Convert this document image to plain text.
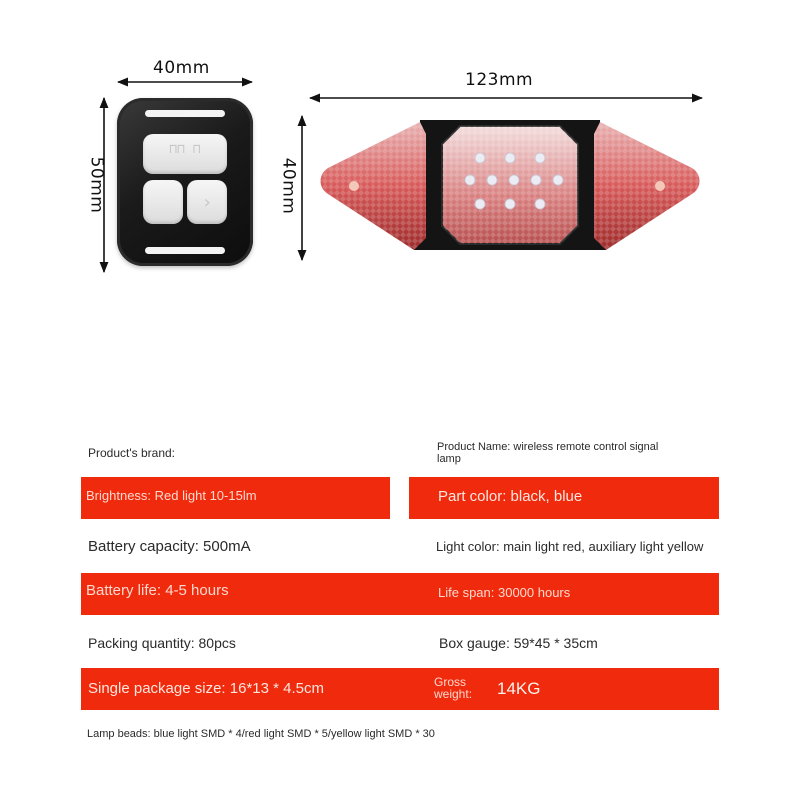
40mm
50mm
123mm
40mm
⊓⊓ ⊓
›
Product's brand:	Product Name: wireless remote control signal lamp
Brightness: Red light 10-15lm	Part color: black, blue
Battery capacity: 500mA	Light color: main light red, auxiliary light yellow
Battery life: 4-5 hours	Life span: 30000 hours
Packing quantity: 80pcs	Box gauge: 59*45 * 35cm
Single package size: 16*13 * 4.5cm	Gross weight:	14KG
Lamp beads: blue light SMD * 4/red light SMD * 5/yellow light SMD * 30
